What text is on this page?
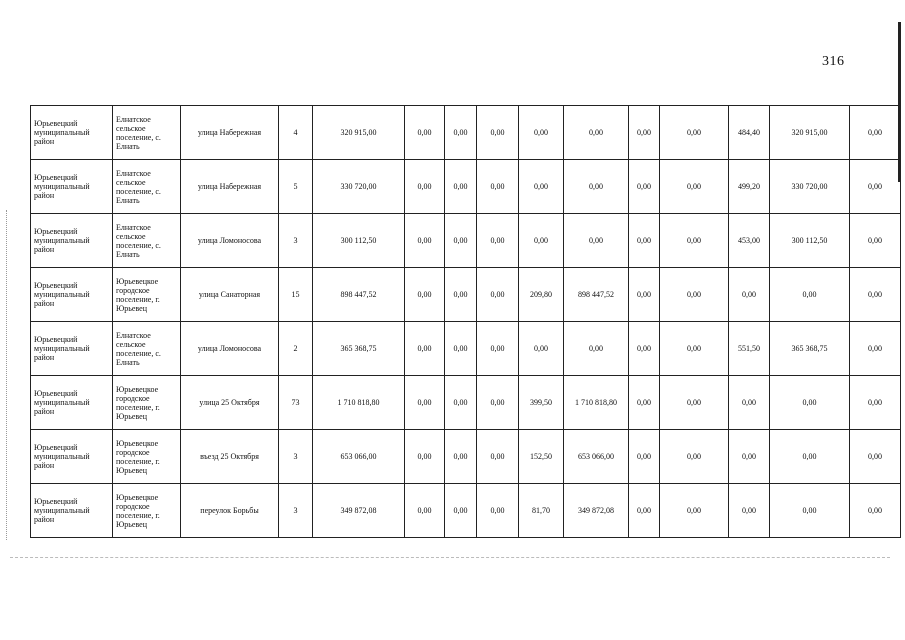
316
Юрьевецкий муниципальный район	Елнатское сельское поселение, с. Елнать	улица Набережная	4	320 915,00	0,00	0,00	0,00	0,00	0,00	0,00	0,00	484,40	320 915,00	0,00
Юрьевецкий муниципальный район	Елнатское сельское поселение, с. Елнать	улица Набережная	5	330 720,00	0,00	0,00	0,00	0,00	0,00	0,00	0,00	499,20	330 720,00	0,00
Юрьевецкий муниципальный район	Елнатское сельское поселение, с. Елнать	улица Ломоносова	3	300 112,50	0,00	0,00	0,00	0,00	0,00	0,00	0,00	453,00	300 112,50	0,00
Юрьевецкий муниципальный район	Юрьевецкое городское поселение, г. Юрьевец	улица Санаторная	15	898 447,52	0,00	0,00	0,00	209,80	898 447,52	0,00	0,00	0,00	0,00	0,00
Юрьевецкий муниципальный район	Елнатское сельское поселение, с. Елнать	улица Ломоносова	2	365 368,75	0,00	0,00	0,00	0,00	0,00	0,00	0,00	551,50	365 368,75	0,00
Юрьевецкий муниципальный район	Юрьевецкое городское поселение, г. Юрьевец	улица 25 Октября	73	1 710 818,80	0,00	0,00	0,00	399,50	1 710 818,80	0,00	0,00	0,00	0,00	0,00
Юрьевецкий муниципальный район	Юрьевецкое городское поселение, г. Юрьевец	въезд 25 Октября	3	653 066,00	0,00	0,00	0,00	152,50	653 066,00	0,00	0,00	0,00	0,00	0,00
Юрьевецкий муниципальный район	Юрьевецкое городское поселение, г. Юрьевец	переулок Борьбы	3	349 872,08	0,00	0,00	0,00	81,70	349 872,08	0,00	0,00	0,00	0,00	0,00
